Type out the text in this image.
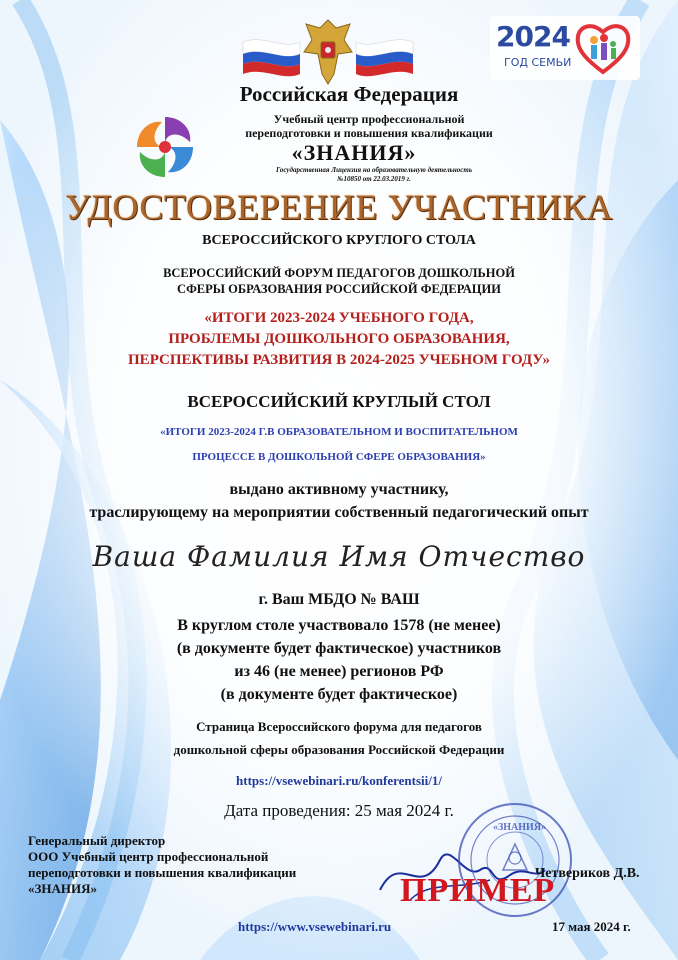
2024
ГОД СЕМЬИ
Российская Федерация
Учебный центр профессиональной
переподготовки и повышения квалификации
«ЗНАНИЯ»
Государственная Лицензия на образовательную деятельность
№10850 от 22.03.2019 г.
УДОСТОВЕРЕНИЕ УЧАСТНИКА
ВСЕРОССИЙСКОГО КРУГЛОГО СТОЛА
ВСЕРОССИЙСКИЙ ФОРУМ ПЕДАГОГОВ ДОШКОЛЬНОЙ
СФЕРЫ ОБРАЗОВАНИЯ РОССИЙСКОЙ ФЕДЕРАЦИИ
«ИТОГИ 2023-2024 УЧЕБНОГО ГОДА,
ПРОБЛЕМЫ ДОШКОЛЬНОГО ОБРАЗОВАНИЯ,
ПЕРСПЕКТИВЫ РАЗВИТИЯ В 2024-2025 УЧЕБНОМ ГОДУ»
ВСЕРОССИЙСКИЙ КРУГЛЫЙ СТОЛ
«ИТОГИ 2023-2024 Г.В ОБРАЗОВАТЕЛЬНОМ И ВОСПИТАТЕЛЬНОМ
ПРОЦЕССЕ В ДОШКОЛЬНОЙ СФЕРЕ ОБРАЗОВАНИЯ»
выдано активному участнику,
траслирующему на мероприятии собственный педагогический опыт
Ваша Фамилия Имя Отчество
г. Ваш МБДО № ВАШ
В круглом столе участвовало 1578 (не менее)
(в документе будет фактическое) участников
из 46 (не менее) регионов РФ
(в документе будет фактическое)
Страница Всероссийского форума для педагогов
дошкольной сферы образования Российской Федерации
https://vsewebinari.ru/konferentsii/1/
Дата проведения: 25 мая 2024 г.
Генеральный директор
ООО Учебный центр профессиональной
переподготовки и повышения квалификации
«ЗНАНИЯ»
«ЗНАНИЯ»
ПРИМЕР
Четвериков Д.В.
https://www.vsewebinari.ru	17 мая 2024 г.
